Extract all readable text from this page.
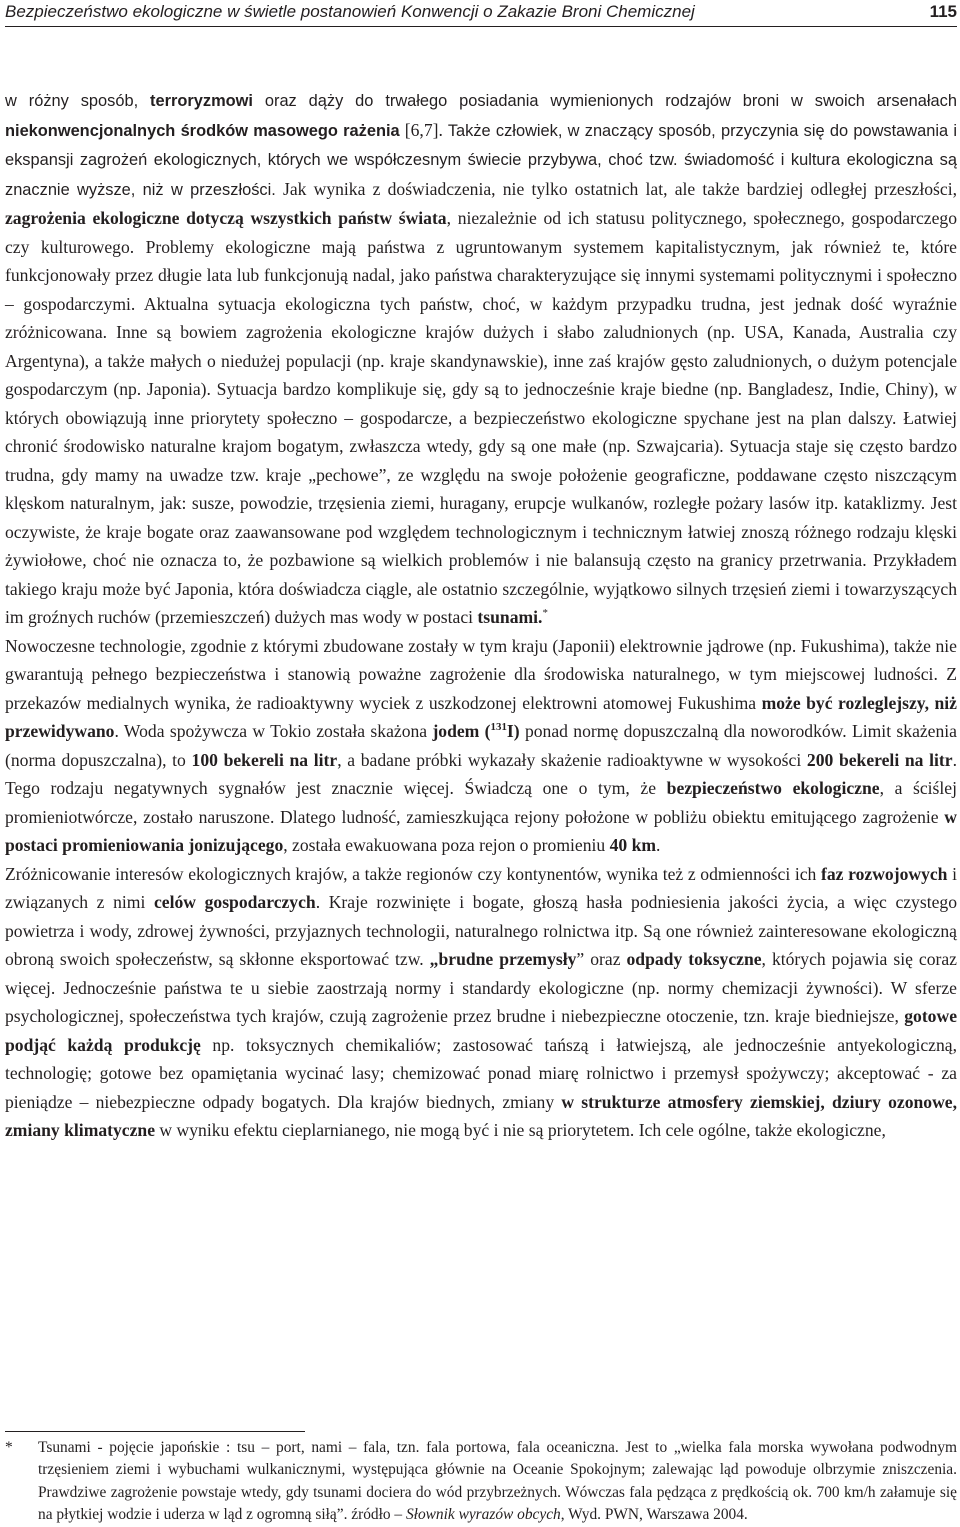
Bezpieczeństwo ekologiczne w świetle postanowień Konwencji o Zakazie Broni Chemicznej	115

w różny sposób, terroryzmowi oraz dąży do trwałego posiadania wymienionych rodzajów broni w swoich arsenałach niekonwencjonalnych środków masowego rażenia [6,7]. Także człowiek, w znaczący sposób, przyczynia się do powstawania i ekspansji zagrożeń ekologicznych, których we współczesnym świecie przybywa, choć tzw. świadomość i kultura ekologiczna są znacznie wyższe, niż w przeszłości. Jak wynika z doświadczenia, nie tylko ostatnich lat, ale także bardziej odległej przeszłości, zagrożenia ekologiczne dotyczą wszystkich państw świata, niezależnie od ich statusu politycznego, społecznego, gospodarczego czy kulturowego. Problemy ekologiczne mają państwa z ugruntowanym systemem kapitalistycznym, jak również te, które funkcjonowały przez długie lata lub funkcjonują nadal, jako państwa charakteryzujące się innymi systemami politycznymi i społeczno – gospodarczymi. Aktualna sytuacja ekologiczna tych państw, choć, w każdym przypadku trudna, jest jednak dość wyraźnie zróżnicowana. Inne są bowiem zagrożenia ekologiczne krajów dużych i słabo zaludnionych (np. USA, Kanada, Australia czy Argentyna), a także małych o niedużej populacji (np. kraje skandynawskie), inne zaś krajów gęsto zaludnionych, o dużym potencjale gospodarczym (np. Japonia). Sytuacja bardzo komplikuje się, gdy są to jednocześnie kraje biedne (np. Bangladesz, Indie, Chiny), w których obowiązują inne priorytety społeczno – gospodarcze, a bezpieczeństwo ekologiczne spychane jest na plan dalszy. Łatwiej chronić środowisko naturalne krajom bogatym, zwłaszcza wtedy, gdy są one małe (np. Szwajcaria). Sytuacja staje się często bardzo trudna, gdy mamy na uwadze tzw. kraje „pechowe”, ze względu na swoje położenie geograficzne, poddawane często niszczącym klęskom naturalnym, jak: susze, powodzie, trzęsienia ziemi, huragany, erupcje wulkanów, rozległe pożary lasów itp. kataklizmy. Jest oczywiste, że kraje bogate oraz zaawansowane pod względem technologicznym i technicznym łatwiej znoszą różnego rodzaju klęski żywiołowe, choć nie oznacza to, że pozbawione są wielkich problemów i nie balansują często na granicy przetrwania. Przykładem takiego kraju może być Japonia, która doświadcza ciągle, ale ostatnio szczególnie, wyjątkowo silnych trzęsień ziemi i towarzyszących im groźnych ruchów (przemieszczeń) dużych mas wody w postaci tsunami.*

Nowoczesne technologie, zgodnie z którymi zbudowane zostały w tym kraju (Japonii) elektrownie jądrowe (np. Fukushima), także nie gwarantują pełnego bezpieczeństwa i stanowią poważne zagrożenie dla środowiska naturalnego, w tym miejscowej ludności. Z przekazów medialnych wynika, że radioaktywny wyciek z uszkodzonej elektrowni atomowej Fukushima może być rozleglejszy, niż przewidywano. Woda spożywcza w Tokio została skażona jodem ($^{131}$I) ponad normę dopuszczalną dla noworodków. Limit skażenia (norma dopuszczalna), to 100 bekereli na litr, a badane próbki wykazały skażenie radioaktywne w wysokości 200 bekereli na litr. Tego rodzaju negatywnych sygnałów jest znacznie więcej. Świadczą one o tym, że bezpieczeństwo ekologiczne, a ściślej promieniotwórcze, zostało naruszone. Dlatego ludność, zamieszkująca rejony położone w pobliżu obiektu emitującego zagrożenie w postaci promieniowania jonizującego, została ewakuowana poza rejon o promieniu 40 km.

Zróżnicowanie interesów ekologicznych krajów, a także regionów czy kontynentów, wynika też z odmienności ich faz rozwojowych i związanych z nimi celów gospodarczych. Kraje rozwinięte i bogate, głoszą hasła podniesienia jakości życia, a więc czystego powietrza i wody, zdrowej żywności, przyjaznych technologii, naturalnego rolnictwa itp. Są one również zainteresowane ekologiczną obroną swoich społeczeństw, są skłonne eksportować tzw. „brudne przemysły” oraz odpady toksyczne, których pojawia się coraz więcej. Jednocześnie państwa te u siebie zaostrzają normy i standardy ekologiczne (np. normy chemizacji żywności). W sferze psychologicznej, społeczeństwa tych krajów, czują zagrożenie przez brudne i niebezpieczne otoczenie, tzn. kraje biedniejsze, gotowe podjąć każdą produkcję np. toksycznych chemikaliów; zastosować tańszą i łatwiejszą, ale jednocześnie antyekologiczną, technologię; gotowe bez opamiętania wycinać lasy; chemizować ponad miarę rolnictwo i przemysł spożywczy; akceptować - za pieniądze – niebezpieczne odpady bogatych. Dla krajów biednych, zmiany w strukturze atmosfery ziemskiej, dziury ozonowe, zmiany klimatyczne w wyniku efektu cieplarnianego, nie mogą być i nie są priorytetem. Ich cele ogólne, także ekologiczne,

* Tsunami - pojęcie japońskie : tsu – port, nami – fala, tzn. fala portowa, fala oceaniczna. Jest to „wielka fala morska wywołana podwodnym trzęsieniem ziemi i wybuchami wulkanicznymi, występująca głównie na Oceanie Spokojnym; zalewając ląd powoduje olbrzymie zniszczenia. Prawdziwe zagrożenie powstaje wtedy, gdy tsunami dociera do wód przybrzeżnych. Wówczas fala pędząca z prędkością ok. 700 km/h załamuje się na płytkiej wodzie i uderza w ląd z ogromną siłą”. źródło – Słownik wyrazów obcych, Wyd. PWN, Warszawa 2004.
